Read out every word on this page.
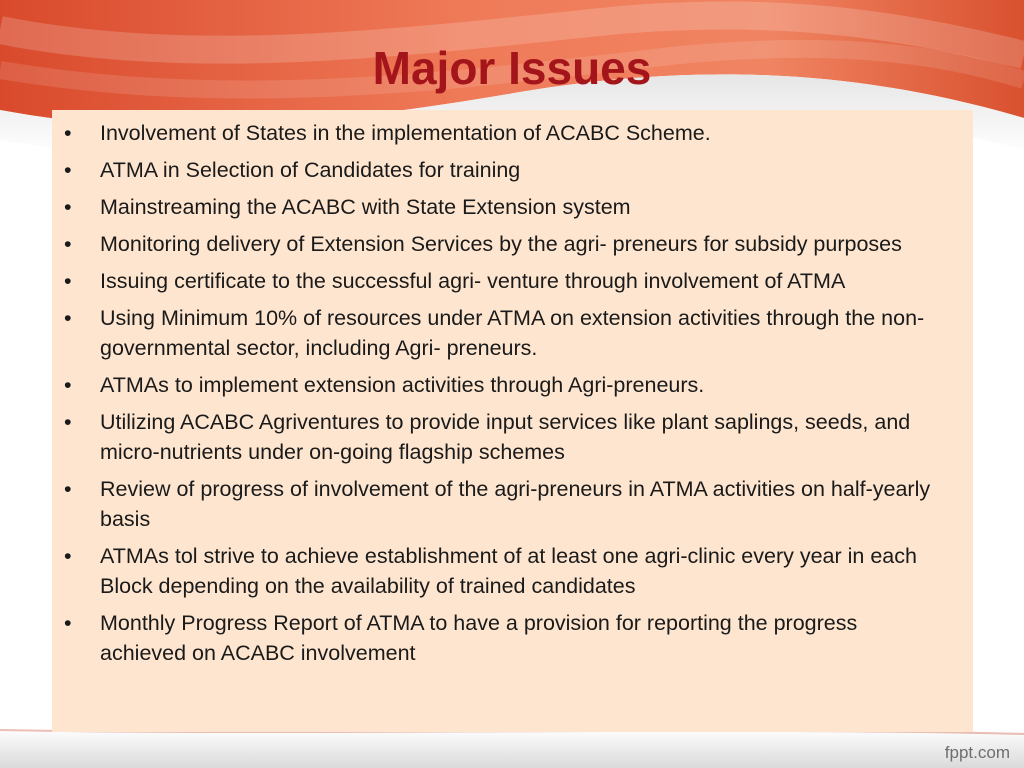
Major Issues
•	Involvement of States in the implementation of ACABC Scheme.
•	ATMA in Selection of Candidates for training
•	Mainstreaming the ACABC with State Extension system
•	Monitoring delivery of Extension Services by the agri- preneurs for subsidy purposes
•	Issuing certificate to the successful agri- venture through involvement of ATMA
•	Using Minimum 10% of resources under ATMA on extension activities through the non-governmental sector, including Agri- preneurs.
•	ATMAs to implement extension activities through Agri-preneurs.
•	Utilizing ACABC Agriventures to provide input services like plant saplings, seeds, and micro-nutrients under on-going flagship schemes
•	Review of progress of involvement of the agri-preneurs in ATMA activities on half-yearly basis
•	ATMAs tol strive to achieve establishment of at least one agri-clinic every year in each Block depending on the availability of trained candidates
•	Monthly Progress Report of ATMA to have a provision for reporting the progress achieved on ACABC involvement
fppt.com
